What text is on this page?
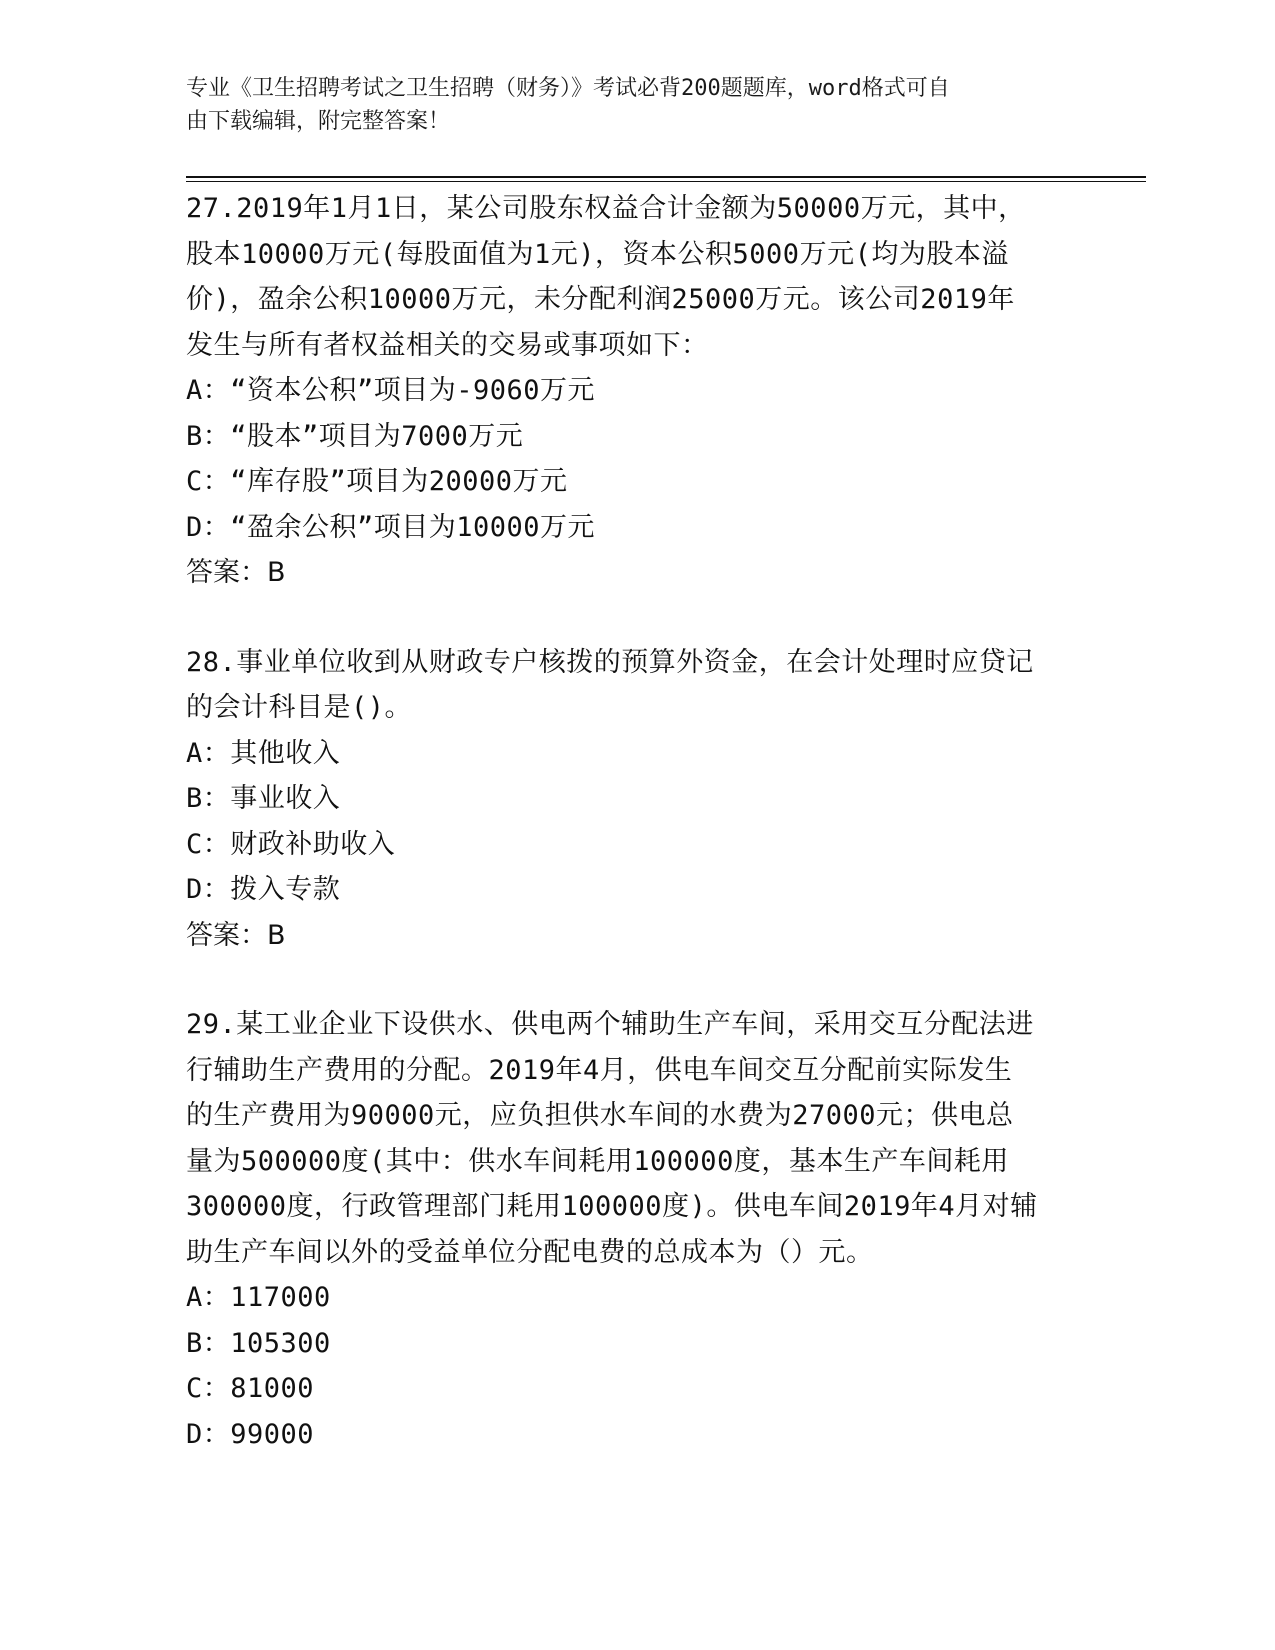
专业《卫生招聘考试之卫生招聘（财务）》考试必背200题题库，word格式可自
由下载编辑，附完整答案！
27.2019年1月1日，某公司股东权益合计金额为50000万元，其中，
股本10000万元(每股面值为1元)，资本公积5000万元(均为股本溢
价)，盈余公积10000万元，未分配利润25000万元。该公司2019年
发生与所有者权益相关的交易或事项如下：
A：“资本公积”项目为-9060万元
B：“股本”项目为7000万元
C：“库存股”项目为20000万元
D：“盈余公积”项目为10000万元
答案：B
28.事业单位收到从财政专户核拨的预算外资金，在会计处理时应贷记
的会计科目是()。
A：其他收入
B：事业收入
C：财政补助收入
D：拨入专款
答案：B
29.某工业企业下设供水、供电两个辅助生产车间，采用交互分配法进
行辅助生产费用的分配。2019年4月，供电车间交互分配前实际发生
的生产费用为90000元，应负担供水车间的水费为27000元；供电总
量为500000度(其中：供水车间耗用100000度，基本生产车间耗用
300000度，行政管理部门耗用100000度)。供电车间2019年4月对辅
助生产车间以外的受益单位分配电费的总成本为（）元。
A：117000
B：105300
C：81000
D：99000
